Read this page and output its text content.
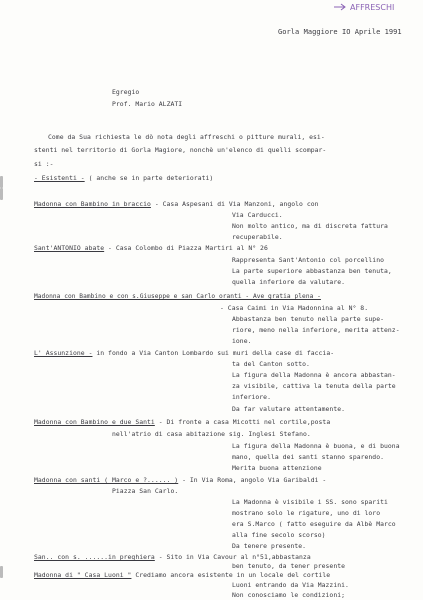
AFFRESCHI
Gorla Maggiore IO Aprile 1991
Egregio
Prof. Mario ALZATI
Come da Sua richiesta le dò nota degli affreschi o pitture murali, esi-
stenti nel territorio di Gorla Magiore, nonchè un'elenco di quelli scompar-
si :-
- Esistenti - ( anche se in parte deteriorati)
Madonna con Bambino in braccio - Casa Aspesani di Via Manzoni, angolo con
Via Carducci.
Non molto antico, ma di discreta fattura
recuperabile.
Sant'ANTONIO abate - Casa Colombo di Piazza Martiri al N° 26
Rappresenta Sant'Antonio col porcellino
La parte superiore abbastanza ben tenuta,
quella inferiore da valutare.
Madonna con Bambino e con s.Giuseppe e san Carlo oranti - Ave gratia plena -
- Casa Caimi in Via Madonnina al N° 8.
Abbastanza ben tenuto nella parte supe-
riore, meno nella inferiore, merita attenz-
ione.
L' Assunzione - in fondo a Via Canton Lombardo sui muri della case di faccia-
ta del Canton sotto.
La figura della Madonna è ancora abbastan-
za visibile, cattiva la tenuta della parte
inferiore.
Da far valutare attentamente.
Madonna con Bambino e due Santi - Di fronte a casa Micotti nel cortile,posta
nell'atrio di casa abitazione sig. Inglesi Stefano.
La figura della Madonna è buona, e di buona
mano, quella dei santi stanno sparendo.
Merita buona attenzione
Madonna con santi ( Marco e ?...... ) - In Via Roma, angolo Via Garibaldi -
Piazza San Carlo.
La Madonna è visibile i SS. sono spariti
mostrano solo le rigature, uno di loro
era S.Marco ( fatto eseguire da Albè Marco
alla fine secolo scorso)
Da tenere presente.
San.. con s. ......in preghiera - Sito in Via Cavour al n°51,abbastanza
ben tenuto, da tener presente
Madonna di " Casa Luoni " Crediamo ancora esistente in un locale del cortile
Luoni entrando da Via Mazzini.
Non conosciamo le condizioni;
